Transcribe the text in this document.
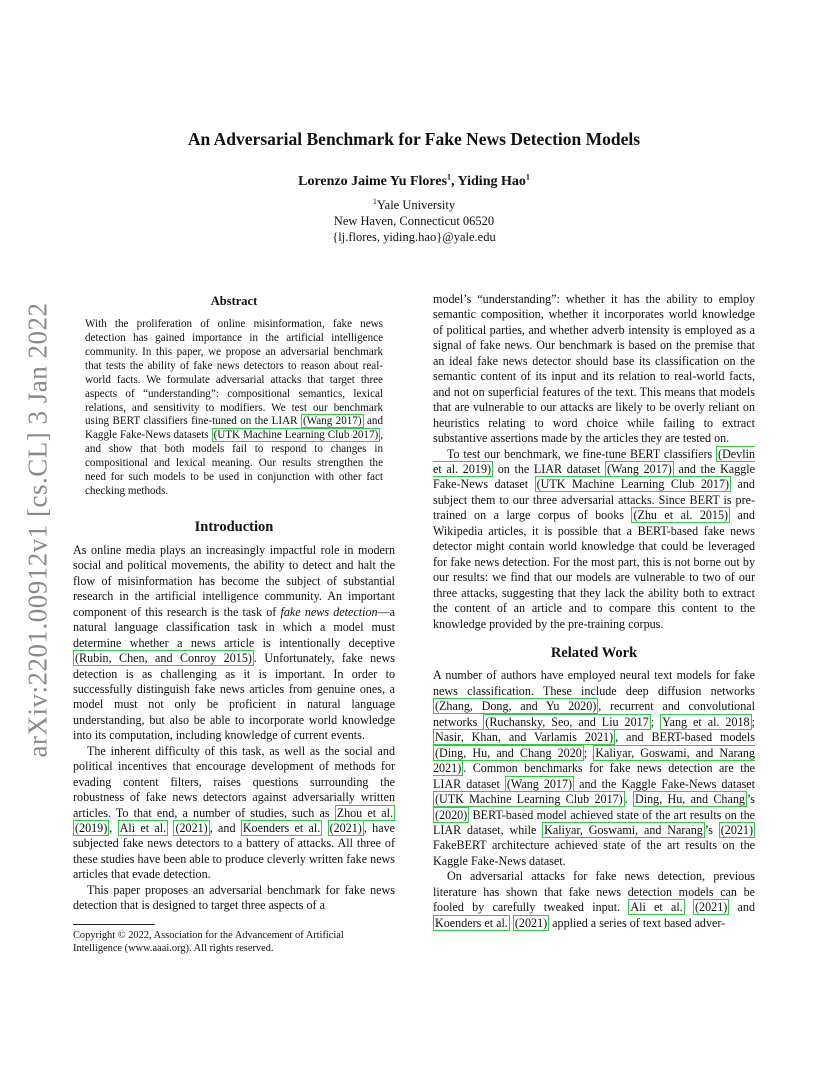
arXiv:2201.00912v1 [cs.CL] 3 Jan 2022
An Adversarial Benchmark for Fake News Detection Models
Lorenzo Jaime Yu Flores$^1$, Yiding Hao$^1$
$^1$Yale University
New Haven, Connecticut 06520
{lj.flores, yiding.hao}@yale.edu
Abstract
With the proliferation of online misinformation, fake news detection has gained importance in the artificial intelligence community. In this paper, we propose an adversarial benchmark that tests the ability of fake news detectors to reason about real-world facts. We formulate adversarial attacks that target three aspects of “understanding”: compositional semantics, lexical relations, and sensitivity to modifiers. We test our benchmark using BERT classifiers fine-tuned on the LIAR (Wang 2017) and Kaggle Fake-News datasets (UTK Machine Learning Club 2017) , and show that both models fail to respond to changes in compositional and lexical meaning. Our results strengthen the need for such models to be used in conjunction with other fact checking methods.
Introduction

As online media plays an increasingly impactful role in modern social and political movements, the ability to detect and halt the flow of misinformation has become the subject of substantial research in the artificial intelligence community. An important component of this research is the task of fake news detection—a natural language classification task in which a model must determine whether a news article is intentionally deceptive (Rubin, Chen, and Conroy 2015) . Unfortunately, fake news detection is as challenging as it is important. In order to successfully distinguish fake news articles from genuine ones, a model must not only be proficient in natural language understanding, but also be able to incorporate world knowledge into its computation, including knowledge of current events.

The inherent difficulty of this task, as well as the social and political incentives that encourage development of methods for evading content filters, raises questions surrounding the robustness of fake news detectors against adversarially written articles. To that end, a number of studies, such as Zhou et al. (2019) , Ali et al. (2021) , and Koenders et al. (2021) , have subjected fake news detectors to a battery of attacks. All three of these studies have been able to produce cleverly written fake news articles that evade detection.

This paper proposes an adversarial benchmark for fake news detection that is designed to target three aspects of a

Copyright © 2022, Association for the Advancement of Artificial Intelligence (www.aaai.org). All rights reserved.

model’s “understanding”: whether it has the ability to employ semantic composition, whether it incorporates world knowledge of political parties, and whether adverb intensity is employed as a signal of fake news. Our benchmark is based on the premise that an ideal fake news detector should base its classification on the semantic content of its input and its relation to real-world facts, and not on superficial features of the text. This means that models that are vulnerable to our attacks are likely to be overly reliant on heuristics relating to word choice while failing to extract substantive assertions made by the articles they are tested on.

To test our benchmark, we fine-tune BERT classifiers (Devlin et al. 2019) on the LIAR dataset (Wang 2017) and the Kaggle Fake-News dataset (UTK Machine Learning Club 2017) and subject them to our three adversarial attacks. Since BERT is pre-trained on a large corpus of books (Zhu et al. 2015) and Wikipedia articles, it is possible that a BERT-based fake news detector might contain world knowledge that could be leveraged for fake news detection. For the most part, this is not borne out by our results: we find that our models are vulnerable to two of our three attacks, suggesting that they lack the ability both to extract the content of an article and to compare this content to the knowledge provided by the pre-training corpus.

Related Work

A number of authors have employed neural text models for fake news classification. These include deep diffusion networks (Zhang, Dong, and Yu 2020) , recurrent and convolutional networks (Ruchansky, Seo, and Liu 2017 ; Yang et al. 2018 ; Nasir, Khan, and Varlamis 2021) , and BERT-based models (Ding, Hu, and Chang 2020 ; Kaliyar, Goswami, and Narang 2021) . Common benchmarks for fake news detection are the LIAR dataset (Wang 2017) and the Kaggle Fake-News dataset (UTK Machine Learning Club 2017) . Ding, Hu, and Chang ’s (2020) BERT-based model achieved state of the art results on the LIAR dataset, while Kaliyar, Goswami, and Narang ’s (2021) FakeBERT architecture achieved state of the art results on the Kaggle Fake-News dataset.

On adversarial attacks for fake news detection, previous literature has shown that fake news detection models can be fooled by carefully tweaked input. Ali et al. (2021) and Koenders et al. (2021) applied a series of text based adver-
